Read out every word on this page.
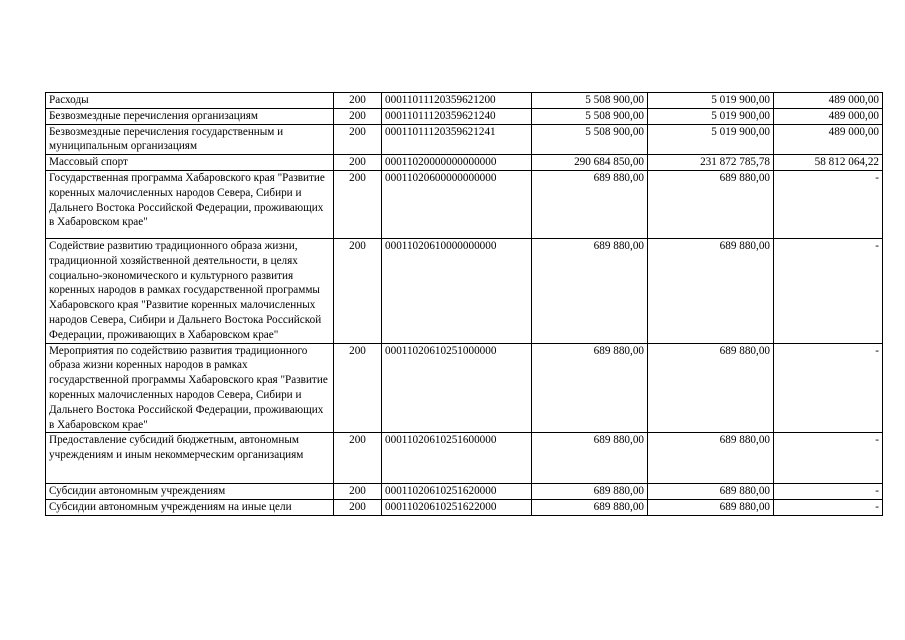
Расходы	200	00011011120359621200	5 508 900,00	5 019 900,00	489 000,00
Безвозмездные перечисления организациям	200	00011011120359621240	5 508 900,00	5 019 900,00	489 000,00
Безвозмездные перечисления государственным и муниципальным организациям	200	00011011120359621241	5 508 900,00	5 019 900,00	489 000,00
Массовый спорт	200	00011020000000000000	290 684 850,00	231 872 785,78	58 812 064,22
Государственная программа Хабаровского края "Развитие коренных малочисленных народов Севера, Сибири и Дальнего Востока Российской Федерации, проживающих в Хабаровском крае"	200	00011020600000000000	689 880,00	689 880,00	-
Содействие развитию традиционного образа жизни, традиционной хозяйственной деятельности, в целях социально-экономического и культурного развития коренных народов в рамках государственной программы Хабаровского края "Развитие коренных малочисленных народов Севера, Сибири и Дальнего Востока Российской Федерации, проживающих в Хабаровском крае"	200	00011020610000000000	689 880,00	689 880,00	-
Мероприятия по содействию развития традиционного образа жизни коренных народов в рамках государственной программы Хабаровского края "Развитие коренных малочисленных народов Севера, Сибири и Дальнего Востока Российской Федерации, проживающих в Хабаровском крае"	200	00011020610251000000	689 880,00	689 880,00	-
Предоставление субсидий бюджетным, автономным учреждениям и иным некоммерческим организациям	200	00011020610251600000	689 880,00	689 880,00	-
Субсидии автономным учреждениям	200	00011020610251620000	689 880,00	689 880,00	-
Субсидии автономным учреждениям на иные цели	200	00011020610251622000	689 880,00	689 880,00	-
